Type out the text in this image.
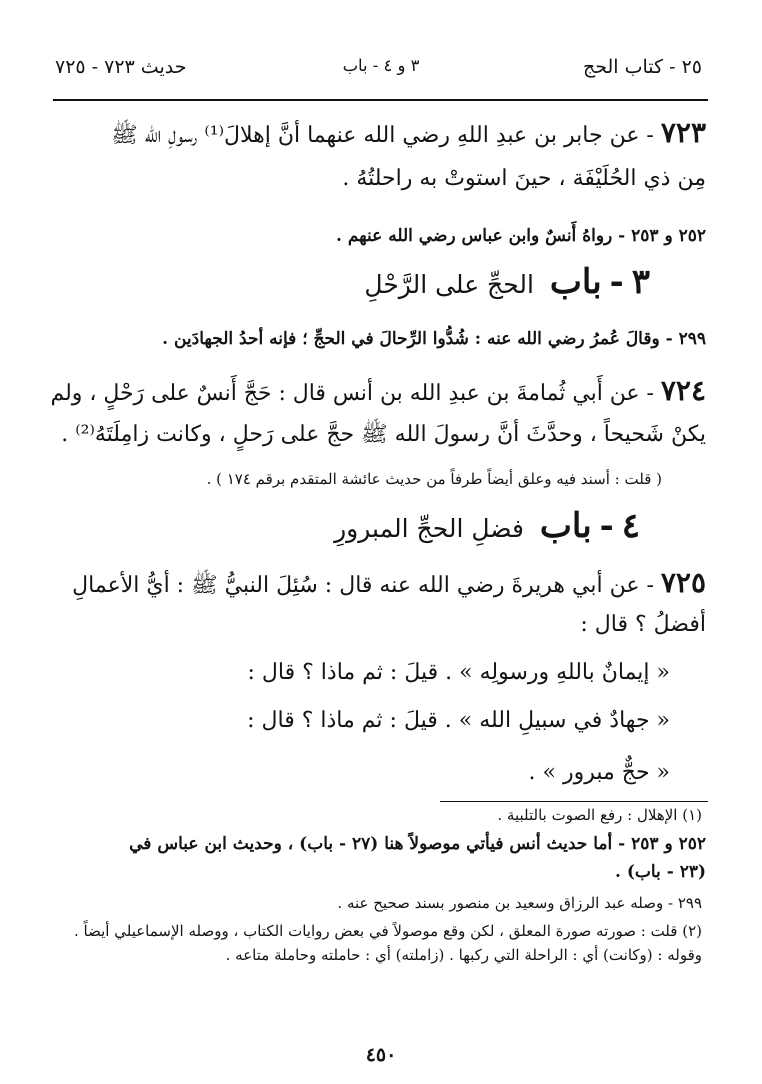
٢٥ - كتاب الحج
٣ و ٤ - باب
حديث ٧٢٣ - ٧٢٥
٧٢٣ - عن جابر بن عبدِ اللهِ رضي الله عنهما أنَّ إهلالَ⁽¹⁾ رسولِ الله ﷺ
مِن ذي الحُلَيْفَة ، حينَ استوتْ به راحلتُهُ .
٢٥٢ و ٢٥٣ - رواهُ أَنسٌ وابن عباس رضي الله عنهم .
٣ - باب الحجِّ على الرَّحْلِ
٢٩٩ - وقالَ عُمرُ رضي الله عنه : شُدُّوا الرِّحالَ في الحجِّ ؛ فإنه أحدُ الجهادَين .
٧٢٤ - عن أَبي ثُمامةَ بن عبدِ الله بن أنس قال : حَجَّ أَنسٌ على رَحْلٍ ، ولم
يكنْ شَحيحاً ، وحدَّثَ أنَّ رسولَ الله ﷺ حجَّ على رَحلٍ ، وكانت زامِلَتَهُ⁽²⁾ .
( قلت : أسند فيه وعلق أيضاً طرفاً من حديث عائشة المتقدم برقم ١٧٤ ) .
٤ - باب فضلِ الحجِّ المبرورِ
٧٢٥ - عن أبي هريرةَ رضي الله عنه قال : سُئِلَ النبيُّ ﷺ : أيُّ الأعمالِ
أفضلُ ؟ قال :
« إيمانٌ باللهِ ورسولِه » . قيلَ : ثم ماذا ؟ قال :
« جهادٌ في سبيلِ الله » . قيلَ : ثم ماذا ؟ قال :
« حجٌّ مبرور » .
(١) الإهلال : رفع الصوت بالتلبية .
٢٥٢ و ٢٥٣ - أما حديث أنس فيأتي موصولاً هنا (٢٧ - باب) ، وحديث ابن عباس في
(٢٣ - باب) .
٢٩٩ - وصله عبد الرزاق وسعيد بن منصور بسند صحيح عنه .
(٢) قلت : صورته صورة المعلق ، لكن وقع موصولاً في بعض روايات الكتاب ، ووصله الإسماعيلي أيضاً .
وقوله : (وكانت) أي : الراحلة التي ركبها . (زاملته) أي : حاملته وحاملة متاعه .
٤٥٠
